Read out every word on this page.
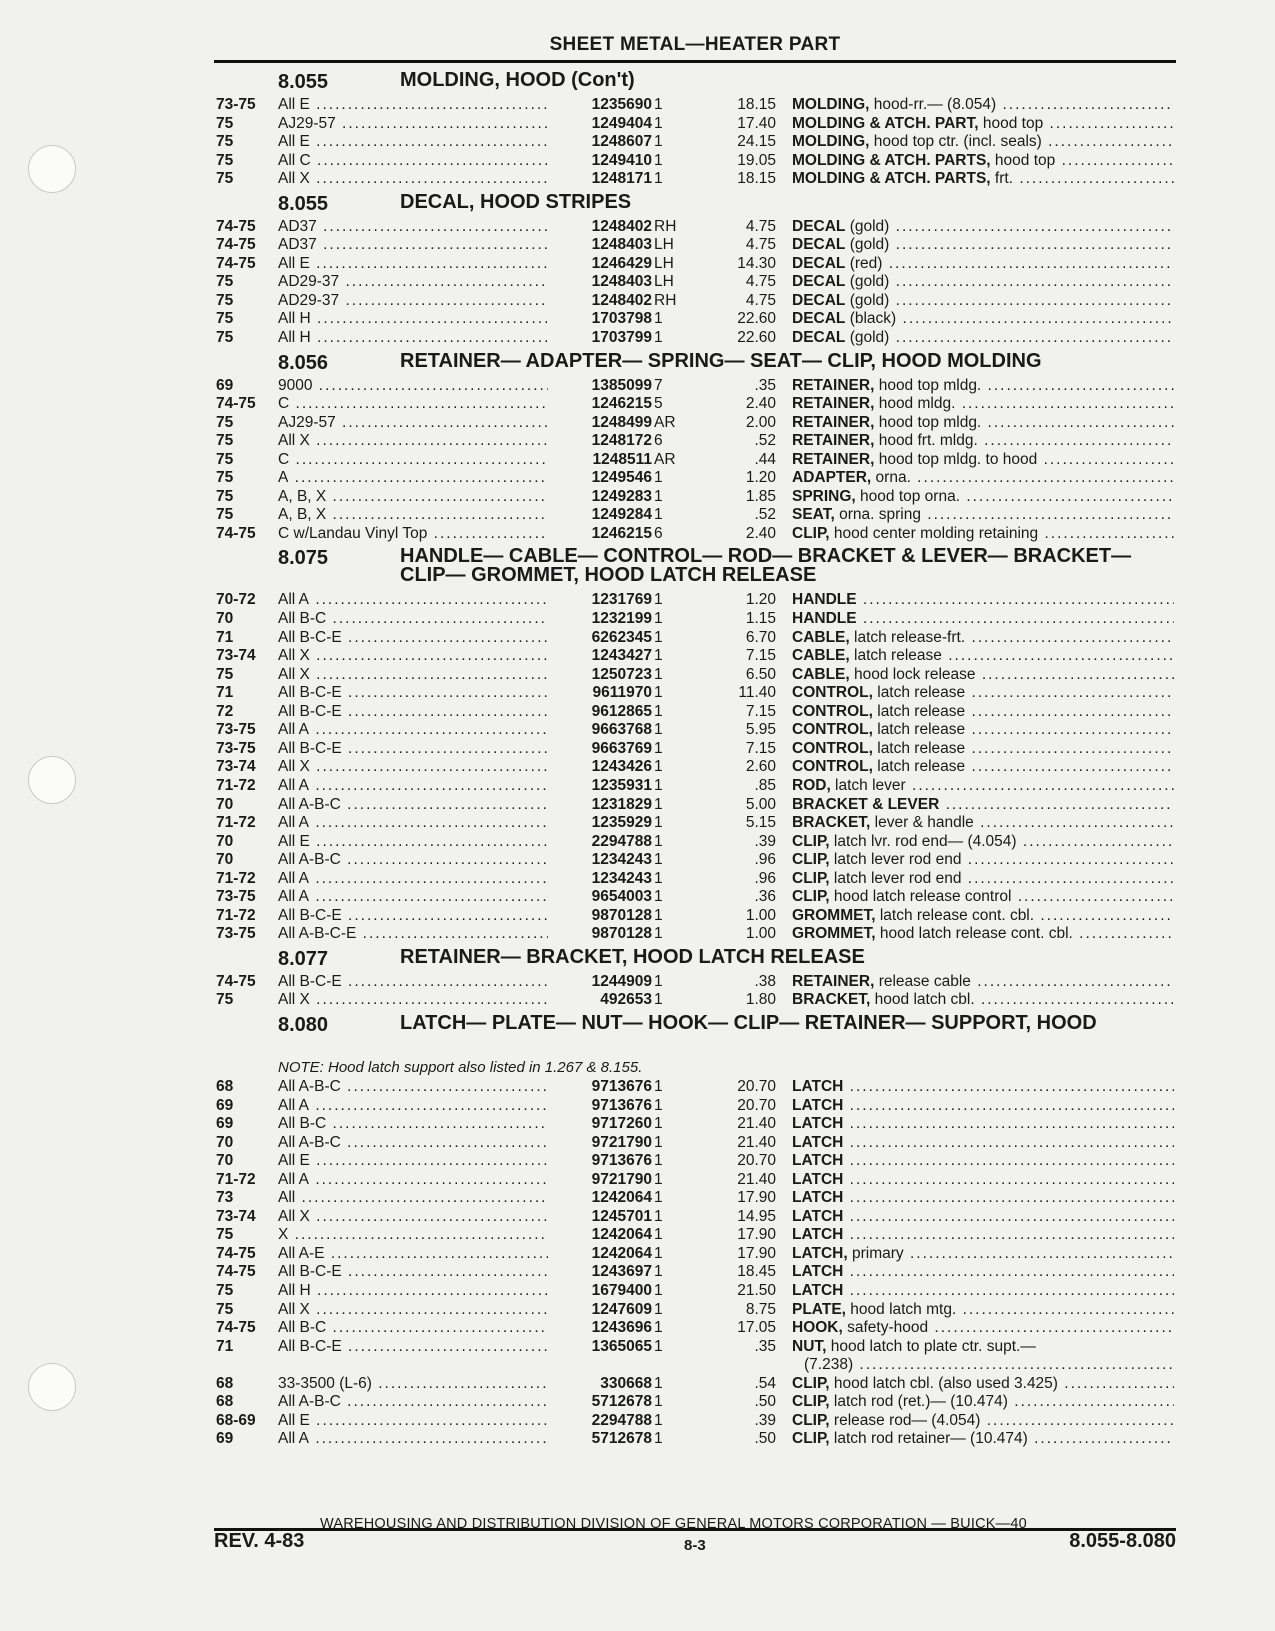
SHEET METAL—HEATER PART
8.055	MOLDING, HOOD (Con't)
73-75 All E .....	1235690 1	18.15 MOLDING, hood-rr.— (8.054) .....
75	AJ29-57 .....	1249404 1	17.40 MOLDING & ATCH. PART, hood top .....
75	All E .....	1248607 1	24.15 MOLDING, hood top ctr. (incl. seals) .....
75	All C .....	1249410 1	19.05 MOLDING & ATCH. PARTS, hood top .....
75	All X .....	1248171 1	18.15 MOLDING & ATCH. PARTS, frt. .....
8.055	DECAL, HOOD STRIPES
74-75 AD37 .....	1248402 RH	4.75 DECAL (gold) .....
74-75 AD37 .....	1248403 LH	4.75 DECAL (gold) .....
74-75 All E .....	1246429 LH	14.30 DECAL (red) .....
75	AD29-37 .....	1248403 LH	4.75 DECAL (gold) .....
75	AD29-37 .....	1248402 RH	4.75 DECAL (gold) .....
75	All H .....	1703798 1	22.60 DECAL (black) .....
75	All H .....	1703799 1	22.60 DECAL (gold) .....
8.056	RETAINER— ADAPTER— SPRING— SEAT— CLIP, HOOD MOLDING
69	9000 .....	1385099 7	.35 RETAINER, hood top mldg. .....
74-75 C .....	1246215 5	2.40 RETAINER, hood mldg. .....
75	AJ29-57 .....	1248499 AR	2.00 RETAINER, hood top mldg. .....
75	All X .....	1248172 6	.52 RETAINER, hood frt. mldg. .....
75	C .....	1248511 AR	.44 RETAINER, hood top mldg. to hood .....
75	A .....	1249546 1	1.20 ADAPTER, orna. .....
75	A, B, X .....	1249283 1	1.85 SPRING, hood top orna. .....
75	A, B, X .....	1249284 1	.52 SEAT, orna. spring .....
74-75 C w/Landau Vinyl Top .....	1246215 6	2.40 CLIP, hood center molding retaining .....
8.075	HANDLE— CABLE— CONTROL— ROD— BRACKET & LEVER— BRACKET— CLIP— GROMMET, HOOD LATCH RELEASE
70-72 All A .....	1231769 1	1.20 HANDLE .....
70	All B-C .....	1232199 1	1.15 HANDLE .....
71	All B-C-E .....	6262345 1	6.70 CABLE, latch release-frt. .....
73-74 All X .....	1243427 1	7.15 CABLE, latch release .....
75	All X .....	1250723 1	6.50 CABLE, hood lock release .....
71	All B-C-E .....	9611970 1	11.40 CONTROL, latch release .....
72	All B-C-E .....	9612865 1	7.15 CONTROL, latch release .....
73-75 All A .....	9663768 1	5.95 CONTROL, latch release .....
73-75 All B-C-E .....	9663769 1	7.15 CONTROL, latch release .....
73-74 All X .....	1243426 1	2.60 CONTROL, latch release .....
71-72 All A .....	1235931 1	.85 ROD, latch lever .....
70	All A-B-C .....	1231829 1	5.00 BRACKET & LEVER .....
71-72 All A .....	1235929 1	5.15 BRACKET, lever & handle .....
70	All E .....	2294788 1	.39 CLIP, latch lvr. rod end— (4.054) .....
70	All A-B-C .....	1234243 1	.96 CLIP, latch lever rod end .....
71-72 All A .....	1234243 1	.96 CLIP, latch lever rod end .....
73-75 All A .....	9654003 1	.36 CLIP, hood latch release control .....
71-72 All B-C-E .....	9870128 1	1.00 GROMMET, latch release cont. cbl. .....
73-75 All A-B-C-E .....	9870128 1	1.00 GROMMET, hood latch release cont. cbl. .....
8.077	RETAINER— BRACKET, HOOD LATCH RELEASE
74-75 All B-C-E .....	1244909 1	.38 RETAINER, release cable .....
75	All X .....	492653 1	1.80 BRACKET, hood latch cbl. .....
8.080	LATCH— PLATE— NUT— HOOK— CLIP— RETAINER— SUPPORT, HOOD
NOTE: Hood latch support also listed in 1.267 & 8.155.
68	All A-B-C .....	9713676 1	20.70 LATCH .....
69	All A .....	9713676 1	20.70 LATCH .....
69	All B-C .....	9717260 1	21.40 LATCH .....
70	All A-B-C .....	9721790 1	21.40 LATCH .....
70	All E .....	9713676 1	20.70 LATCH .....
71-72 All A .....	9721790 1	21.40 LATCH .....
73	All .....	1242064 1	17.90 LATCH .....
73-74 All X .....	1245701 1	14.95 LATCH .....
75	X .....	1242064 1	17.90 LATCH .....
74-75 All A-E .....	1242064 1	17.90 LATCH, primary .....
74-75 All B-C-E .....	1243697 1	18.45 LATCH .....
75	All H .....	1679400 1	21.50 LATCH .....
75	All X .....	1247609 1	8.75 PLATE, hood latch mtg. .....
74-75 All B-C .....	1243696 1	17.05 HOOK, safety-hood .....
71	All B-C-E .....	1365065 1	.35 NUT, hood latch to plate ctr. supt.—
(7.238) .....
68	33-3500 (L-6) .....	330668 1	.54 CLIP, hood latch cbl. (also used 3.425) .....
68	All A-B-C .....	5712678 1	.50 CLIP, latch rod (ret.)— (10.474) .....
68-69 All E .....	2294788 1	.39 CLIP, release rod— (4.054) .....
69	All A .....	5712678 1	.50 CLIP, latch rod retainer— (10.474) .....
WAREHOUSING AND DISTRIBUTION DIVISION OF GENERAL MOTORS CORPORATION — BUICK—40
REV. 4-83	8-3	8.055-8.080
